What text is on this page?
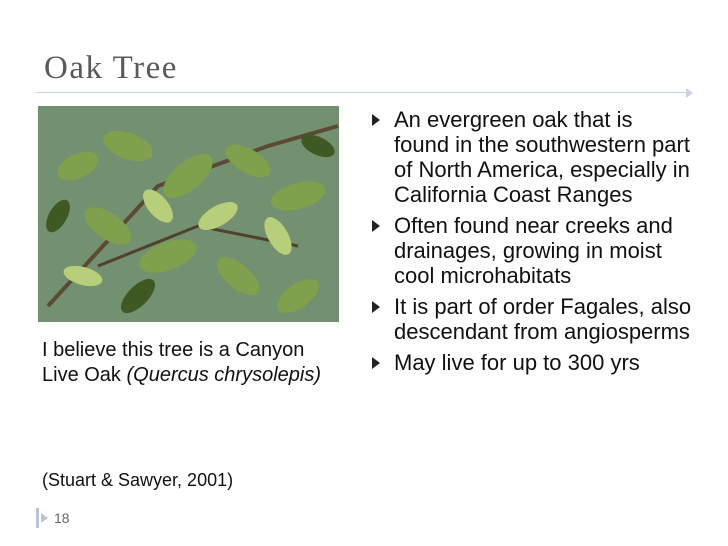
Oak Tree
I believe this tree is a Canyon Live Oak (Quercus chrysolepis)
(Stuart & Sawyer, 2001)
An evergreen oak that is found in the southwestern part of North America, especially in California Coast Ranges
Often found near creeks and drainages, growing in moist cool microhabitats
It is part of order Fagales, also descendant from angiosperms
May live for up to 300 yrs
18
